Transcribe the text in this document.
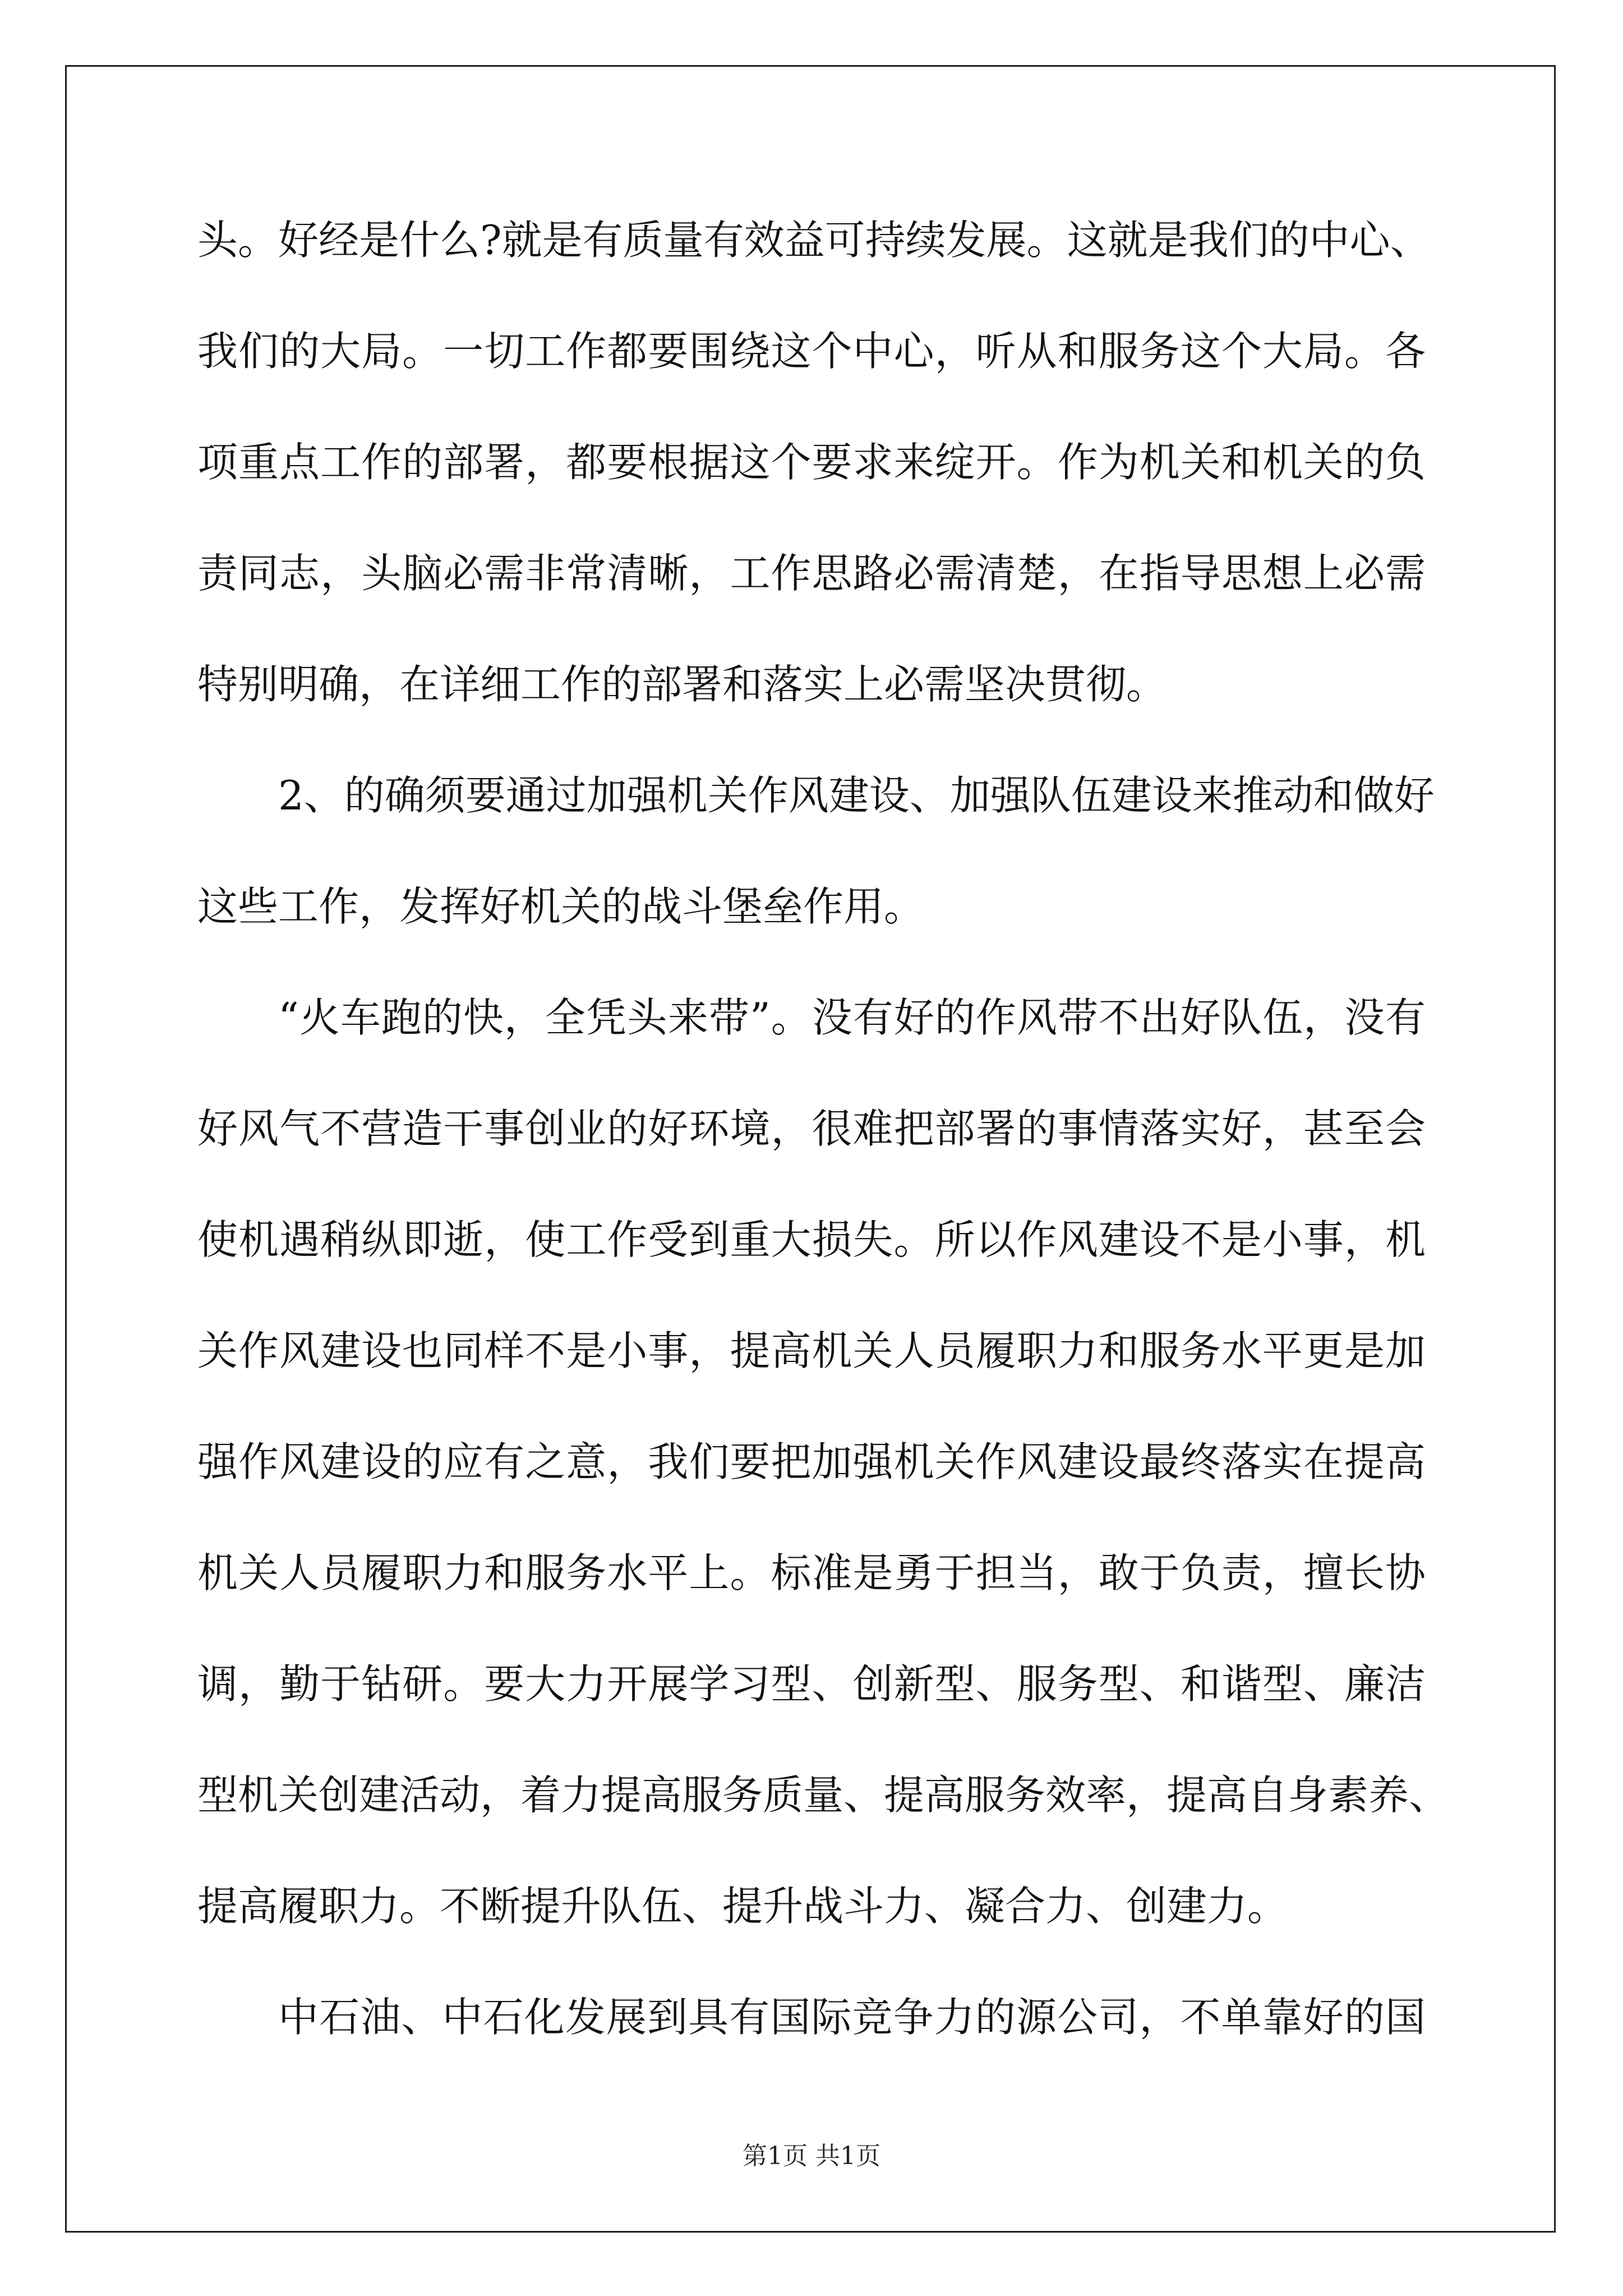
头。好经是什么?就是有质量有效益可持续发展。这就是我们的中心、
我们的大局。一切工作都要围绕这个中心，听从和服务这个大局。各
项重点工作的部署，都要根据这个要求来绽开。作为机关和机关的负
责同志，头脑必需非常清晰，工作思路必需清楚，在指导思想上必需
特别明确，在详细工作的部署和落实上必需坚决贯彻。
2、的确须要通过加强机关作风建设、加强队伍建设来推动和做好
这些工作，发挥好机关的战斗堡垒作用。
“火车跑的快，全凭头来带”。没有好的作风带不出好队伍，没有
好风气不营造干事创业的好环境，很难把部署的事情落实好，甚至会
使机遇稍纵即逝，使工作受到重大损失。所以作风建设不是小事，机
关作风建设也同样不是小事，提高机关人员履职力和服务水平更是加
强作风建设的应有之意，我们要把加强机关作风建设最终落实在提高
机关人员履职力和服务水平上。标准是勇于担当，敢于负责，擅长协
调，勤于钻研。要大力开展学习型、创新型、服务型、和谐型、廉洁
型机关创建活动，着力提高服务质量、提高服务效率，提高自身素养、
提高履职力。不断提升队伍、提升战斗力、凝合力、创建力。
中石油、中石化发展到具有国际竞争力的源公司，不单靠好的国
第1页 共1页
